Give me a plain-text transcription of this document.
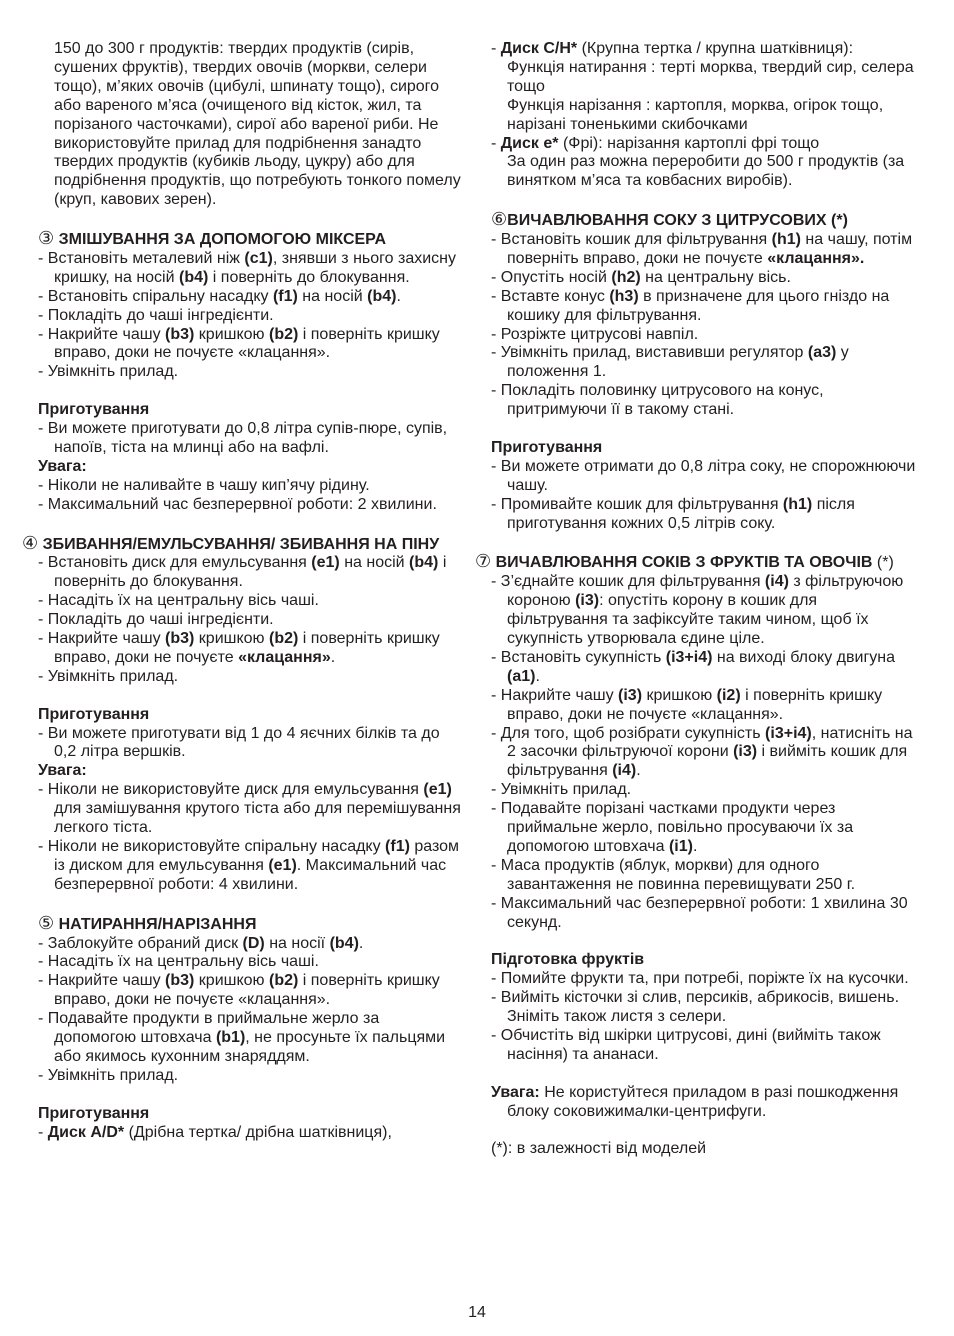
150 до 300 г продуктів: твердих продуктів (сирів, сушених фруктів), твердих овочів (моркви, селери тощо), м’яких овочів (цибулі, шпинату тощо), сирого або вареного м’яса (очищеного від кісток, жил, та порізаного часточками), сирої або вареної риби. Не використовуйте прилад для подрібнення занадто твердих продуктів (кубиків льоду, цукру) або для подрібнення продуктів, що потребують тонкого помелу (круп, кавових зерен).

③ ЗМІШУВАННЯ ЗА ДОПОМОГОЮ МІКСЕРА
- Встановіть металевий ніж (c1), знявши з нього захисну кришку, на носій (b4) і поверніть до блокування.
- Встановіть спіральну насадку (f1) на носій (b4).
- Покладіть до чаші інгредієнти.
- Накрийте чашу (b3) кришкою (b2) і поверніть кришку вправо, доки не почуєте «клацання».
- Увімкніть прилад.
Приготування
- Ви можете приготувати до 0,8 літра супів-пюре, супів, напоїв, тіста на млинці або на вафлі.
Увага:
- Ніколи не наливайте в чашу кип’ячу рідину.
- Максимальний час безперервної роботи: 2 хвилини.
④ ЗБИВАННЯ/ЕМУЛЬСУВАННЯ/ ЗБИВАННЯ НА ПІНУ
- Встановіть диск для емульсування (e1) на носій (b4) і поверніть до блокування.
- Насадіть їх на центральну вісь чаші.
- Покладіть до чаші інгредієнти.
- Накрийте чашу (b3) кришкою (b2) і поверніть кришку вправо, доки не почуєте «клацання».
- Увімкніть прилад.
Приготування
- Ви можете приготувати від 1 до 4 яєчних білків та до 0,2 літра вершків.
Увага:
- Ніколи не використовуйте диск для емульсування (e1) для замішування крутого тіста або для перемішування легкого тіста.
- Ніколи не використовуйте спіральну насадку (f1) разом із диском для емульсування (e1). Максимальний час безперервної роботи: 4 хвилини.
⑤ НАТИРАННЯ/НАРІЗАННЯ
- Заблокуйте обраний диск (D) на носії (b4).
- Насадіть їх на центральну вісь чаші.
- Накрийте чашу (b3) кришкою (b2) і поверніть кришку вправо, доки не почуєте «клацання».
- Подавайте продукти в приймальне жерло за допомогою штовхача (b1), не просуньте їх пальцями або якимось кухонним знаряддям.
- Увімкніть прилад.
Приготування
- Диск A/D* (Дрібна тертка/ дрібна шатківниця),
- Диск C/H* (Крупна тертка / крупна шатківниця):
Функція натирання : терті морква, твердий сир, селера тощо
Функція нарізання : картопля, морква, огірок тощо, нарізані тоненькими скибочками
- Диск e* (Фрі): нарізання картоплі фрі тощо
За один раз можна переробити до 500 г продуктів (за винятком м’яса та ковбасних виробів).
⑥ВИЧАВЛЮВАННЯ СОКУ З ЦИТРУСОВИХ (*)
- Встановіть кошик для фільтрування (h1) на чашу, потім поверніть вправо, доки не почуєте «клацання».
- Опустіть носій (h2) на центральну вісь.
- Вставте конус (h3) в призначене для цього гніздо на кошику для фільтрування.
- Розріжте цитрусові навпіл.
- Увімкніть прилад, виставивши регулятор (a3) у положення 1.
- Покладіть половинку цитрусового на конус, притримуючи її в такому стані.
Приготування
- Ви можете отримати до 0,8 літра соку, не спорожнюючи чашу.
- Промивайте кошик для фільтрування (h1) після приготування кожних 0,5 літрів соку.
⑦ ВИЧАВЛЮВАННЯ СОКІВ З ФРУКТІВ ТА ОВОЧІВ (*)
- З’єднайте кошик для фільтрування (i4) з фільтруючою короною (i3): опустіть корону в кошик для фільтрування та зафіксуйте таким чином, щоб їх сукупність утворювала єдине ціле.
- Встановіть сукупність (i3+i4) на виході блоку двигуна (a1).
- Накрийте чашу (i3) кришкою (i2) і поверніть кришку вправо, доки не почуєте «клацання».
- Для того, щоб розібрати сукупність (i3+i4), натисніть на 2 засочки фільтруючої корони (i3) і вийміть кошик для фільтрування (i4).
- Увімкніть прилад.
- Подавайте порізані частками продукти через приймальне жерло, повільно просуваючи їх за допомогою штовхача (i1).
- Маса продуктів (яблук, моркви) для одного завантаження не повинна перевищувати 250 г.
- Максимальний час безперервної роботи: 1 хвилина 30 секунд.
Підготовка фруктів
- Помийте фрукти та, при потребі, поріжте їх на кусочки.
- Вийміть кісточки зі слив, персиків, абрикосів, вишень. Зніміть також листя з селери.
- Обчистіть від шкірки цитрусові, дині (вийміть також насіння) та ананаси.
Увага: Не користуйтеся приладом в разі пошкодження блоку соковижималки-центрифуги.
(*): в залежності від моделей
14
